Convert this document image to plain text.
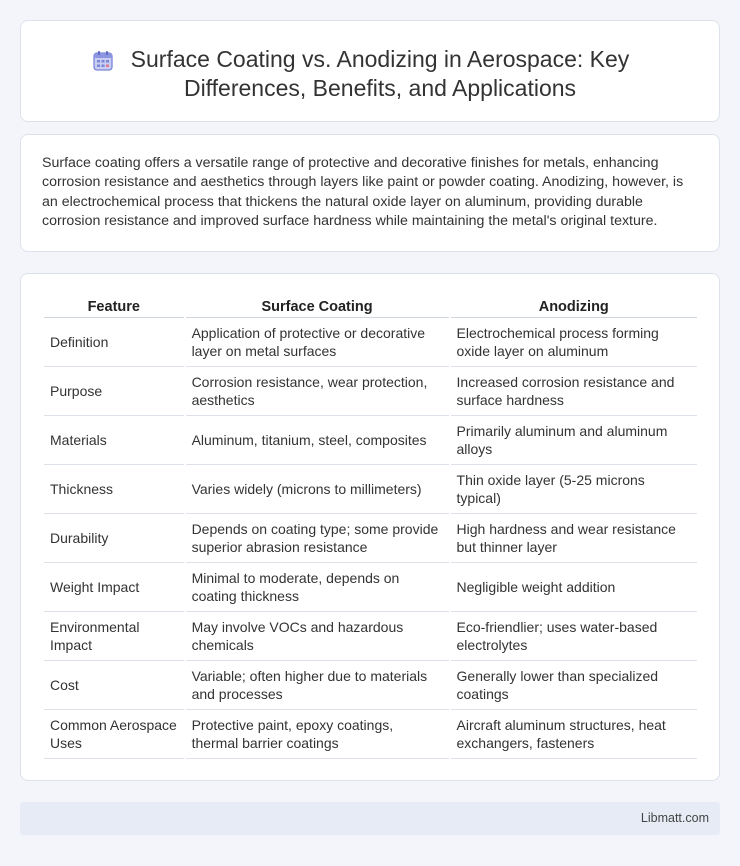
Surface Coating vs. Anodizing in Aerospace: Key Differences, Benefits, and Applications

Surface coating offers a versatile range of protective and decorative finishes for metals, enhancing corrosion resistance and aesthetics through layers like paint or powder coating. Anodizing, however, is an electrochemical process that thickens the natural oxide layer on aluminum, providing durable corrosion resistance and improved surface hardness while maintaining the metal's original texture.

Feature	Surface Coating	Anodizing
Definition	Application of protective or decorative layer on metal surfaces	Electrochemical process forming oxide layer on aluminum
Purpose	Corrosion resistance, wear protection, aesthetics	Increased corrosion resistance and surface hardness
Materials	Aluminum, titanium, steel, composites	Primarily aluminum and aluminum alloys
Thickness	Varies widely (microns to millimeters)	Thin oxide layer (5-25 microns typical)
Durability	Depends on coating type; some provide superior abrasion resistance	High hardness and wear resistance but thinner layer
Weight Impact	Minimal to moderate, depends on coating thickness	Negligible weight addition
Environmental Impact	May involve VOCs and hazardous chemicals	Eco-friendlier; uses water-based electrolytes
Cost	Variable; often higher due to materials and processes	Generally lower than specialized coatings
Common Aerospace Uses	Protective paint, epoxy coatings, thermal barrier coatings	Aircraft aluminum structures, heat exchangers, fasteners
Libmatt.com
